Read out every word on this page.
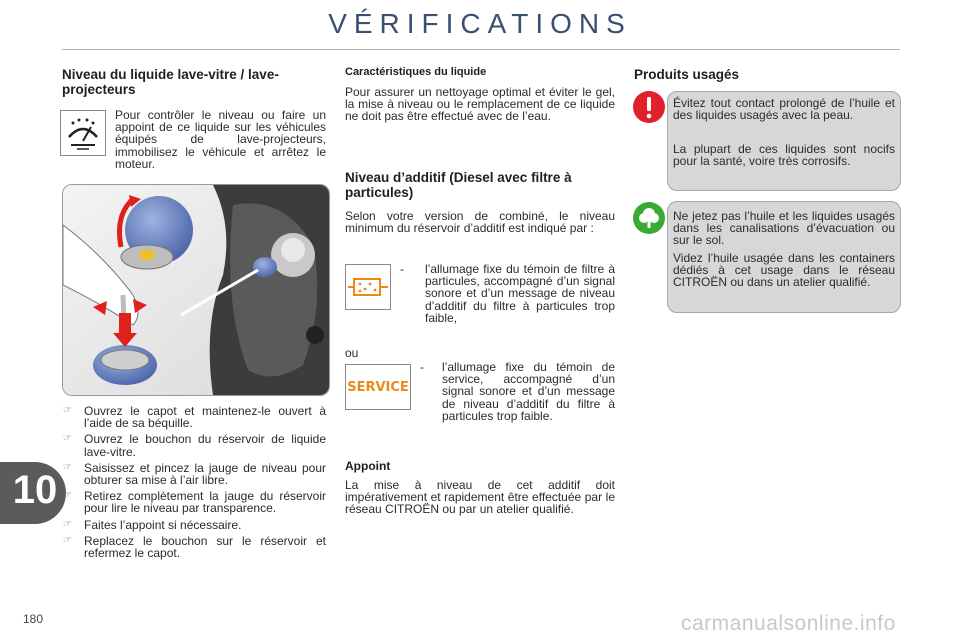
VÉRIFICATIONS
10
Niveau du liquide lave-vitre / lave-projecteurs

Pour contrôler le niveau ou faire un appoint de ce liquide sur les véhicules équipés de lave-projecteurs, immobilisez le véhicule et arrêtez le moteur.

☞ Ouvrez le capot et maintenez-le ouvert à l’aide de sa béquille.
☞ Ouvrez le bouchon du réservoir de liquide lave-vitre.
☞ Saisissez et pincez la jauge de niveau pour obturer sa mise à l’air libre.
☞ Retirez complètement la jauge du réservoir pour lire le niveau par transparence.
☞ Faites l’appoint si nécessaire.
☞ Replacez le bouchon sur le réservoir et refermez le capot.
Caractéristiques du liquide

Pour assurer un nettoyage optimal et éviter le gel, la mise à niveau ou le remplacement de ce liquide ne doit pas être effectué avec de l’eau.

Niveau d’additif (Diesel avec filtre à particules)

Selon votre version de combiné, le niveau minimum du réservoir d’additif est indiqué par :

- l’allumage fixe du témoin de filtre à particules, accompagné d’un signal sonore et d’un message de niveau d’additif du filtre à particules trop faible,
ou
SERVICE
- l’allumage fixe du témoin de service, accompagné d’un signal sonore et d’un message de niveau d’additif du filtre à particules trop faible.
Appoint

La mise à niveau de cet additif doit impérativement et rapidement être effectuée par le réseau CITROËN ou par un atelier qualifié.

Produits usagés

Évitez tout contact prolongé de l’huile et des liquides usagés avec la peau.

La plupart de ces liquides sont nocifs pour la santé, voire très corrosifs.

Ne jetez pas l’huile et les liquides usagés dans les canalisations d’évacuation ou sur le sol.

Videz l’huile usagée dans les containers dédiés à cet usage dans le réseau CITROËN ou dans un atelier qualifié.

180	carmanualsonline.info
